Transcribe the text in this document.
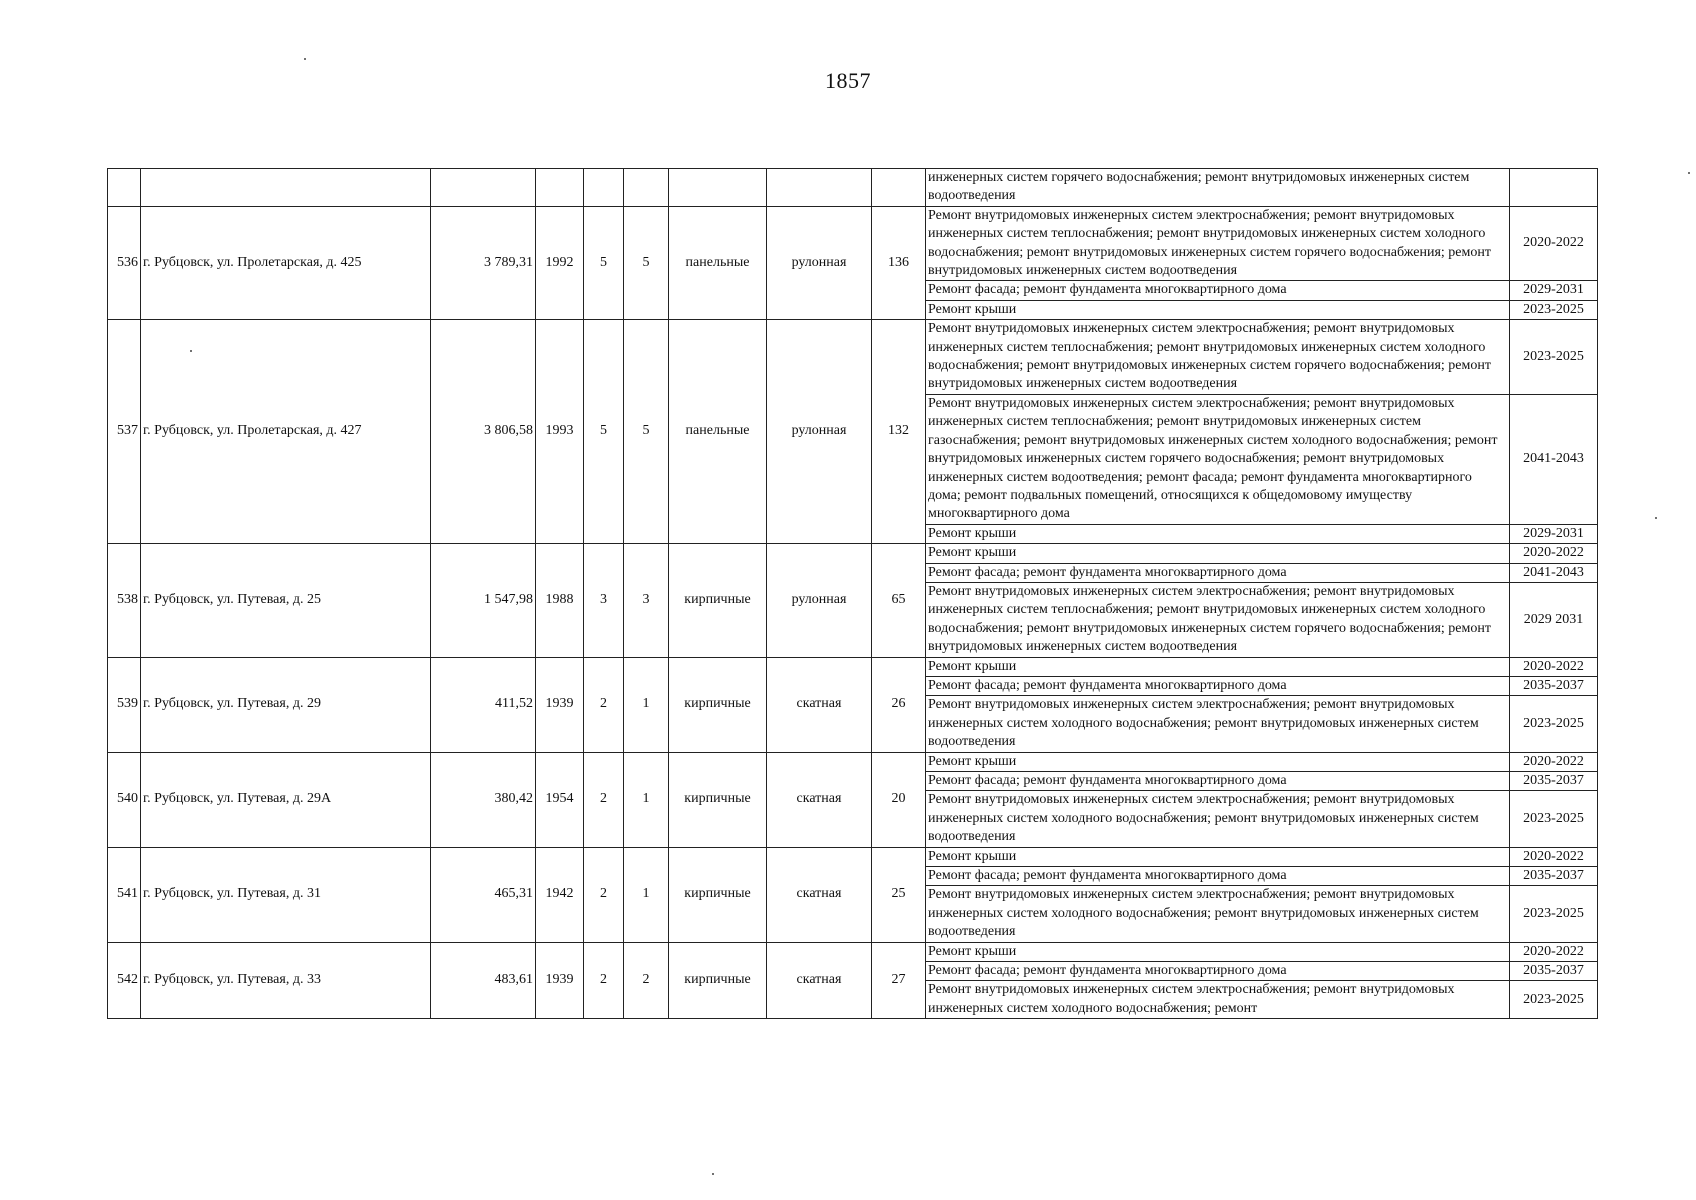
1857
									инженерных систем горячего водоснабжения; ремонт внутридомовых инженерных систем водоотведения	
536	г. Рубцовск, ул. Пролетарская, д. 425	3 789,31	1992	5	5	панельные	рулонная	136	Ремонт внутридомовых инженерных систем электроснабжения; ремонт внутридомовых инженерных систем теплоснабжения; ремонт внутридомовых инженерных систем холодного водоснабжения; ремонт внутридомовых инженерных систем горячего водоснабжения; ремонт внутридомовых инженерных систем водоотведения	2020-2022
									Ремонт фасада; ремонт фундамента многоквартирного дома	2029-2031
									Ремонт крыши	2023-2025
537	г. Рубцовск, ул. Пролетарская, д. 427	3 806,58	1993	5	5	панельные	рулонная	132	Ремонт внутридомовых инженерных систем электроснабжения; ремонт внутридомовых инженерных систем теплоснабжения; ремонт внутридомовых инженерных систем холодного водоснабжения; ремонт внутридомовых инженерных систем горячего водоснабжения; ремонт внутридомовых инженерных систем водоотведения	2023-2025
									Ремонт внутридомовых инженерных систем электроснабжения; ремонт внутридомовых инженерных систем теплоснабжения; ремонт внутридомовых инженерных систем газоснабжения; ремонт внутридомовых инженерных систем холодного водоснабжения; ремонт внутридомовых инженерных систем горячего водоснабжения; ремонт внутридомовых инженерных систем водоотведения; ремонт фасада; ремонт фундамента многоквартирного дома; ремонт подвальных помещений, относящихся к общедомовому имуществу многоквартирного дома	2041-2043
									Ремонт крыши	2029-2031
538	г. Рубцовск, ул. Путевая, д. 25	1 547,98	1988	3	3	кирпичные	рулонная	65	Ремонт крыши	2020-2022
									Ремонт фасада; ремонт фундамента многоквартирного дома	2041-2043
									Ремонт внутридомовых инженерных систем электроснабжения; ремонт внутридомовых инженерных систем теплоснабжения; ремонт внутридомовых инженерных систем холодного водоснабжения; ремонт внутридомовых инженерных систем горячего водоснабжения; ремонт внутридомовых инженерных систем водоотведения	2029 2031
539	г. Рубцовск, ул. Путевая, д. 29	411,52	1939	2	1	кирпичные	скатная	26	Ремонт крыши	2020-2022
									Ремонт фасада; ремонт фундамента многоквартирного дома	2035-2037
									Ремонт внутридомовых инженерных систем электроснабжения; ремонт внутридомовых инженерных систем холодного водоснабжения; ремонт внутридомовых инженерных систем водоотведения	2023-2025
540	г. Рубцовск, ул. Путевая, д. 29А	380,42	1954	2	1	кирпичные	скатная	20	Ремонт крыши	2020-2022
									Ремонт фасада; ремонт фундамента многоквартирного дома	2035-2037
									Ремонт внутридомовых инженерных систем электроснабжения; ремонт внутридомовых инженерных систем холодного водоснабжения; ремонт внутридомовых инженерных систем водоотведения	2023-2025
541	г. Рубцовск, ул. Путевая, д. 31	465,31	1942	2	1	кирпичные	скатная	25	Ремонт крыши	2020-2022
									Ремонт фасада; ремонт фундамента многоквартирного дома	2035-2037
									Ремонт внутридомовых инженерных систем электроснабжения; ремонт внутридомовых инженерных систем холодного водоснабжения; ремонт внутридомовых инженерных систем водоотведения	2023-2025
542	г. Рубцовск, ул. Путевая, д. 33	483,61	1939	2	2	кирпичные	скатная	27	Ремонт крыши	2020-2022
									Ремонт фасада; ремонт фундамента многоквартирного дома	2035-2037
									Ремонт внутридомовых инженерных систем электроснабжения; ремонт внутридомовых инженерных систем холодного водоснабжения; ремонт	2023-2025
